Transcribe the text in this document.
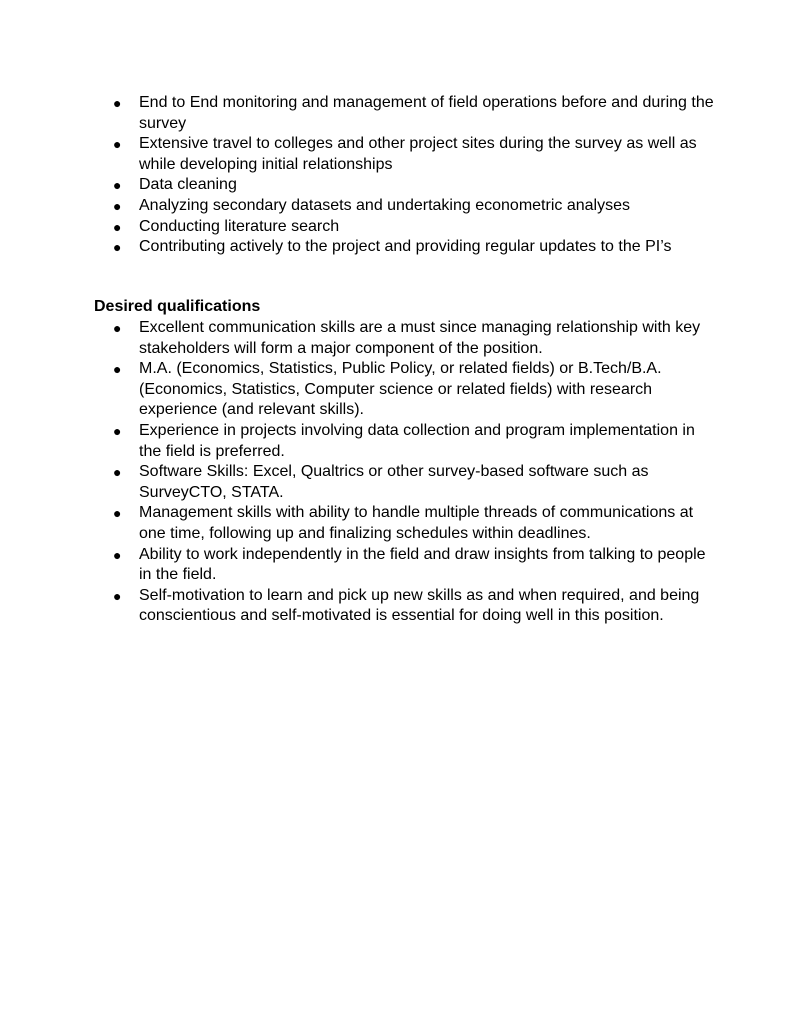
● End to End monitoring and management of field operations before and during the survey
● Extensive travel to colleges and other project sites during the survey as well as while developing initial relationships
● Data cleaning
● Analyzing secondary datasets and undertaking econometric analyses
● Conducting literature search
● Contributing actively to the project and providing regular updates to the PI’s
Desired qualifications
● Excellent communication skills are a must since managing relationship with key stakeholders will form a major component of the position.
● M.A. (Economics, Statistics, Public Policy, or related fields) or B.Tech/B.A. (Economics, Statistics, Computer science or related fields) with research experience (and relevant skills).
● Experience in projects involving data collection and program implementation in the field is preferred.
● Software Skills: Excel, Qualtrics or other survey-based software such as SurveyCTO, STATA.
● Management skills with ability to handle multiple threads of communications at one time, following up and finalizing schedules within deadlines.
● Ability to work independently in the field and draw insights from talking to people in the field.
● Self-motivation to learn and pick up new skills as and when required, and being conscientious and self-motivated is essential for doing well in this position.
